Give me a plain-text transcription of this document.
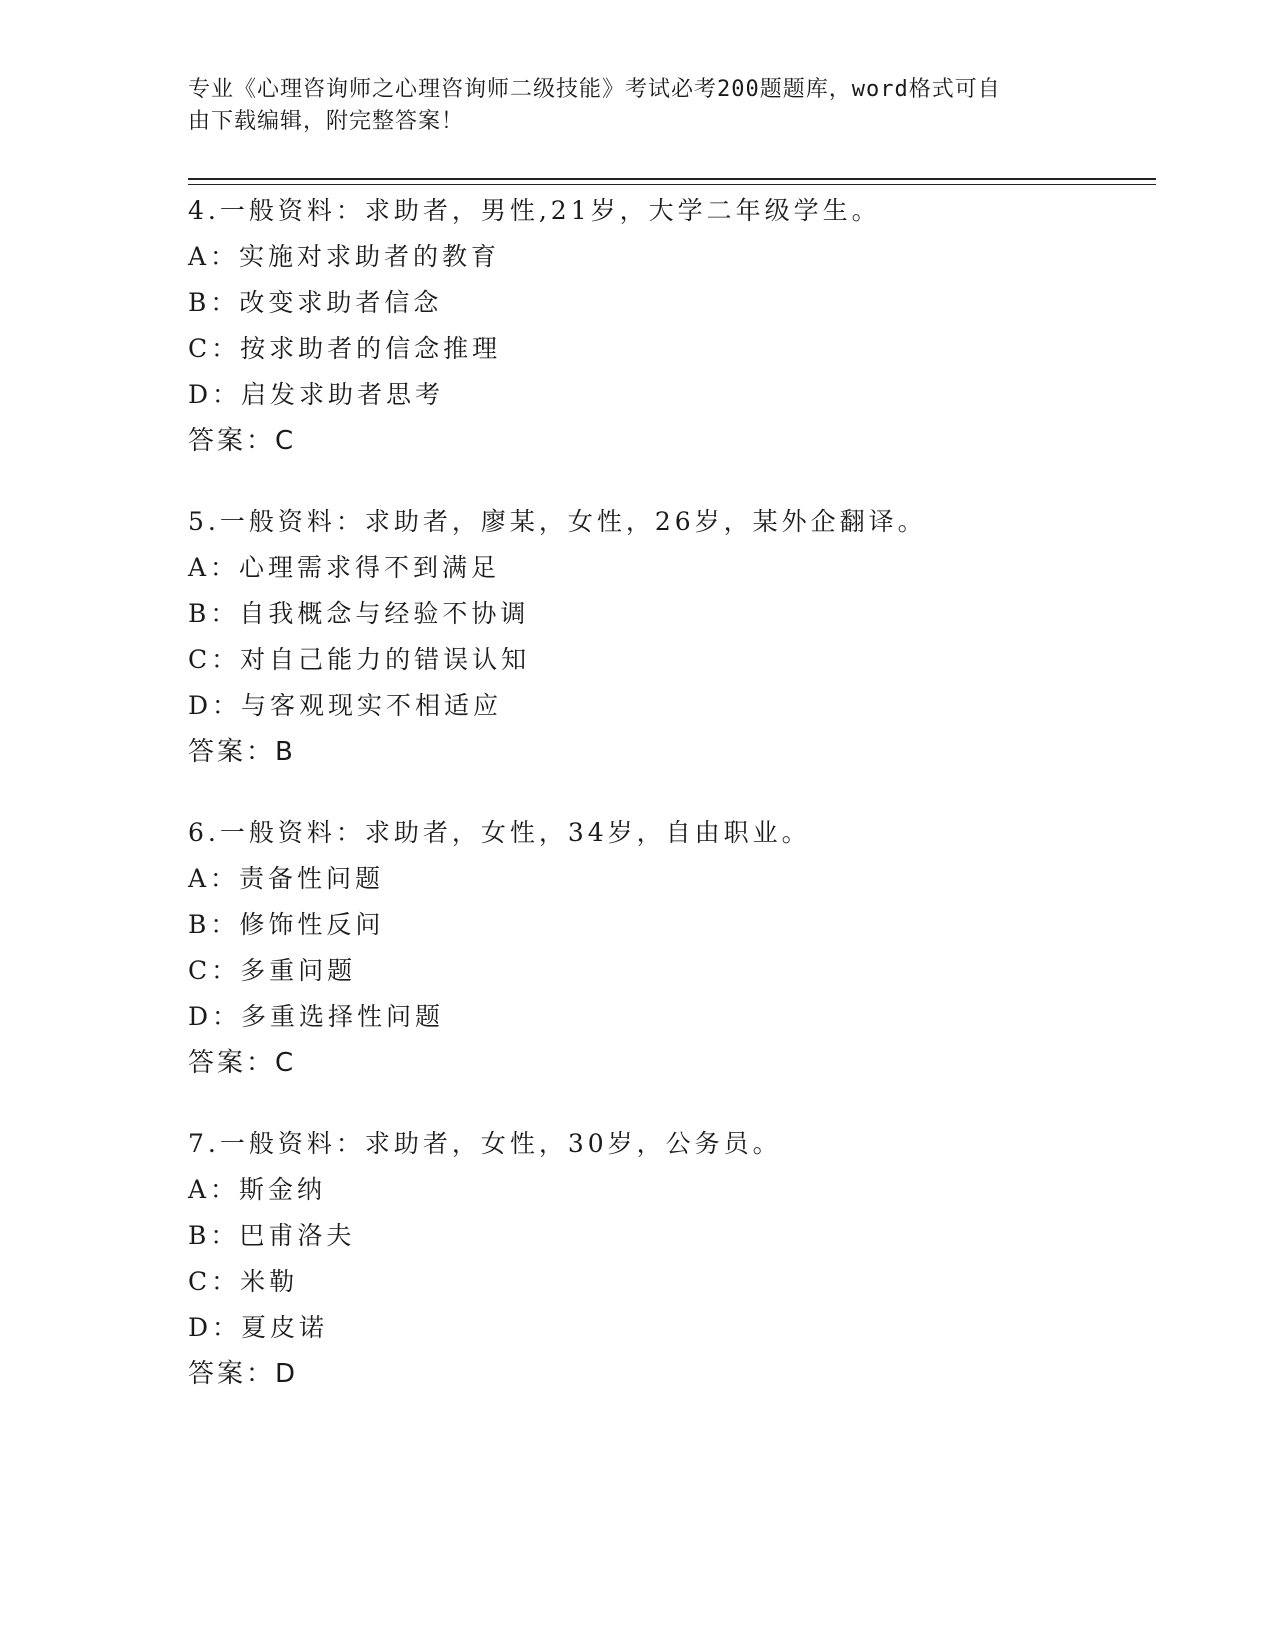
专业《心理咨询师之心理咨询师二级技能》考试必考200题题库，word格式可自
由下载编辑，附完整答案！
4.一般资料：求助者，男性,21岁，大学二年级学生。
A：实施对求助者的教育
B：改变求助者信念
C：按求助者的信念推理
D：启发求助者思考
答案：C
5.一般资料：求助者，廖某，女性，26岁，某外企翻译。
A：心理需求得不到满足
B：自我概念与经验不协调
C：对自己能力的错误认知
D：与客观现实不相适应
答案：B
6.一般资料：求助者，女性，34岁，自由职业。
A：责备性问题
B：修饰性反问
C：多重问题
D：多重选择性问题
答案：C
7.一般资料：求助者，女性，30岁，公务员。
A：斯金纳
B：巴甫洛夫
C：米勒
D：夏皮诺
答案：D
